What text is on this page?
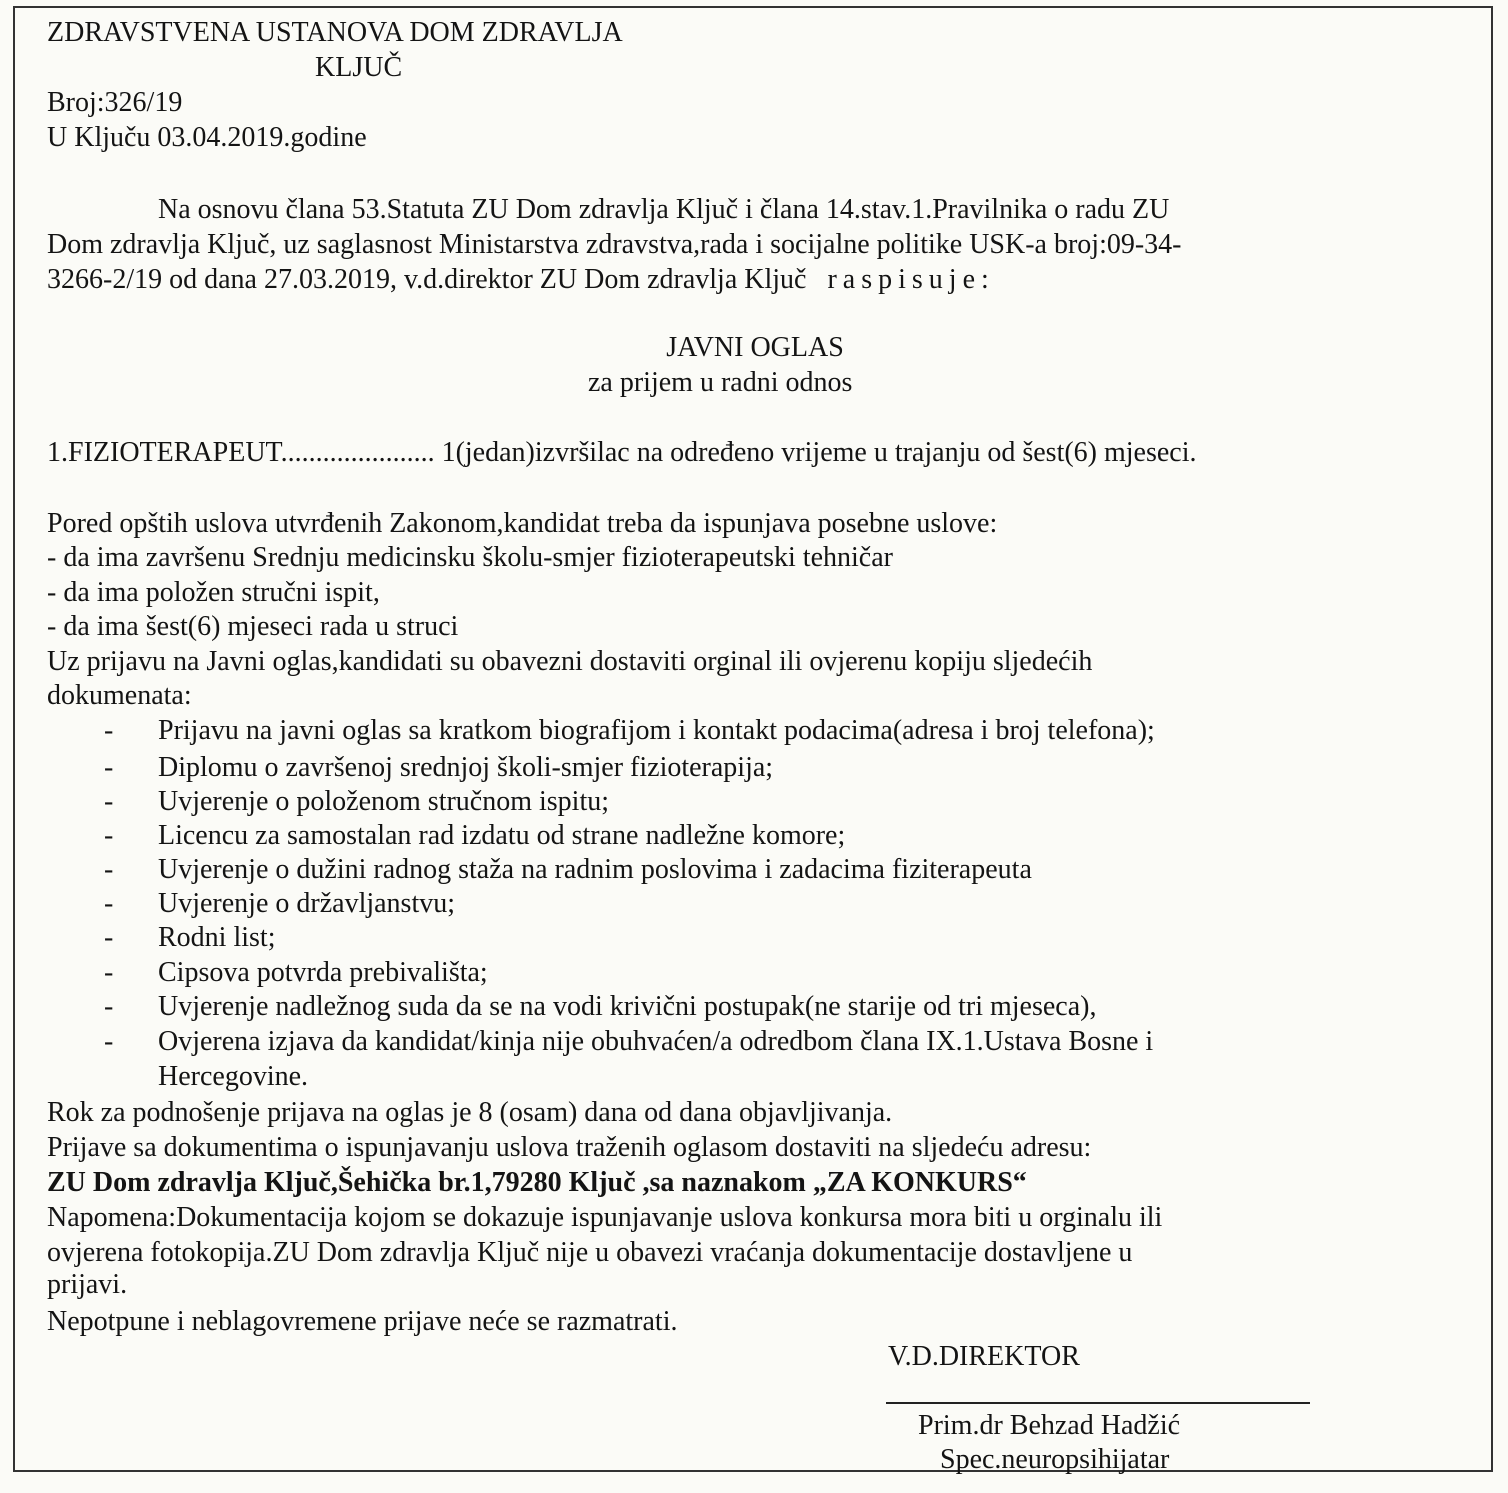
ZDRAVSTVENA USTANOVA DOM ZDRAVLJA
KLJUČ
Broj:326/19
U Ključu 03.04.2019.godine
Na osnovu člana 53.Statuta ZU Dom zdravlja Ključ i člana 14.stav.1.Pravilnika o radu ZU
Dom zdravlja Ključ, uz saglasnost Ministarstva zdravstva,rada i socijalne politike USK-a broj:09-34-
3266-2/19 od dana 27.03.2019, v.d.direktor ZU Dom zdravlja Ključ raspisuje:
JAVNI OGLAS
za prijem u radni odnos
1.FIZIOTERAPEUT...................... 1(jedan)izvršilac na određeno vrijeme u trajanju od šest(6) mjeseci.
Pored opštih uslova utvrđenih Zakonom,kandidat treba da ispunjava posebne uslove:
- da ima završenu Srednju medicinsku školu-smjer fizioterapeutski tehničar
- da ima položen stručni ispit,
- da ima šest(6) mjeseci rada u struci
Uz prijavu na Javni oglas,kandidati su obavezni dostaviti orginal ili ovjerenu kopiju sljedećih
dokumenata:
-	Prijavu na javni oglas sa kratkom biografijom i kontakt podacima(adresa i broj telefona);
-	Diplomu o završenoj srednjoj školi-smjer fizioterapija;
-	Uvjerenje o položenom stručnom ispitu;
-	Licencu za samostalan rad izdatu od strane nadležne komore;
-	Uvjerenje o dužini radnog staža na radnim poslovima i zadacima fiziterapeuta
-	Uvjerenje o državljanstvu;
-	Rodni list;
-	Cipsova potvrda prebivališta;
-	Uvjerenje nadležnog suda da se na vodi krivični postupak(ne starije od tri mjeseca),
-	Ovjerena izjava da kandidat/kinja nije obuhvaćen/a odredbom člana IX.1.Ustava Bosne i
Hercegovine.
Rok za podnošenje prijava na oglas je 8 (osam) dana od dana objavljivanja.
Prijave sa dokumentima o ispunjavanju uslova traženih oglasom dostaviti na sljedeću adresu:
ZU Dom zdravlja Ključ,Šehička br.1,79280 Ključ ,sa naznakom „ZA KONKURS“
Napomena:Dokumentacija kojom se dokazuje ispunjavanje uslova konkursa mora biti u orginalu ili
ovjerena fotokopija.ZU Dom zdravlja Ključ nije u obavezi vraćanja dokumentacije dostavljene u
prijavi.
Nepotpune i neblagovremene prijave neće se razmatrati.
V.D.DIREKTOR
Prim.dr Behzad Hadžić
Spec.neuropsihijatar
